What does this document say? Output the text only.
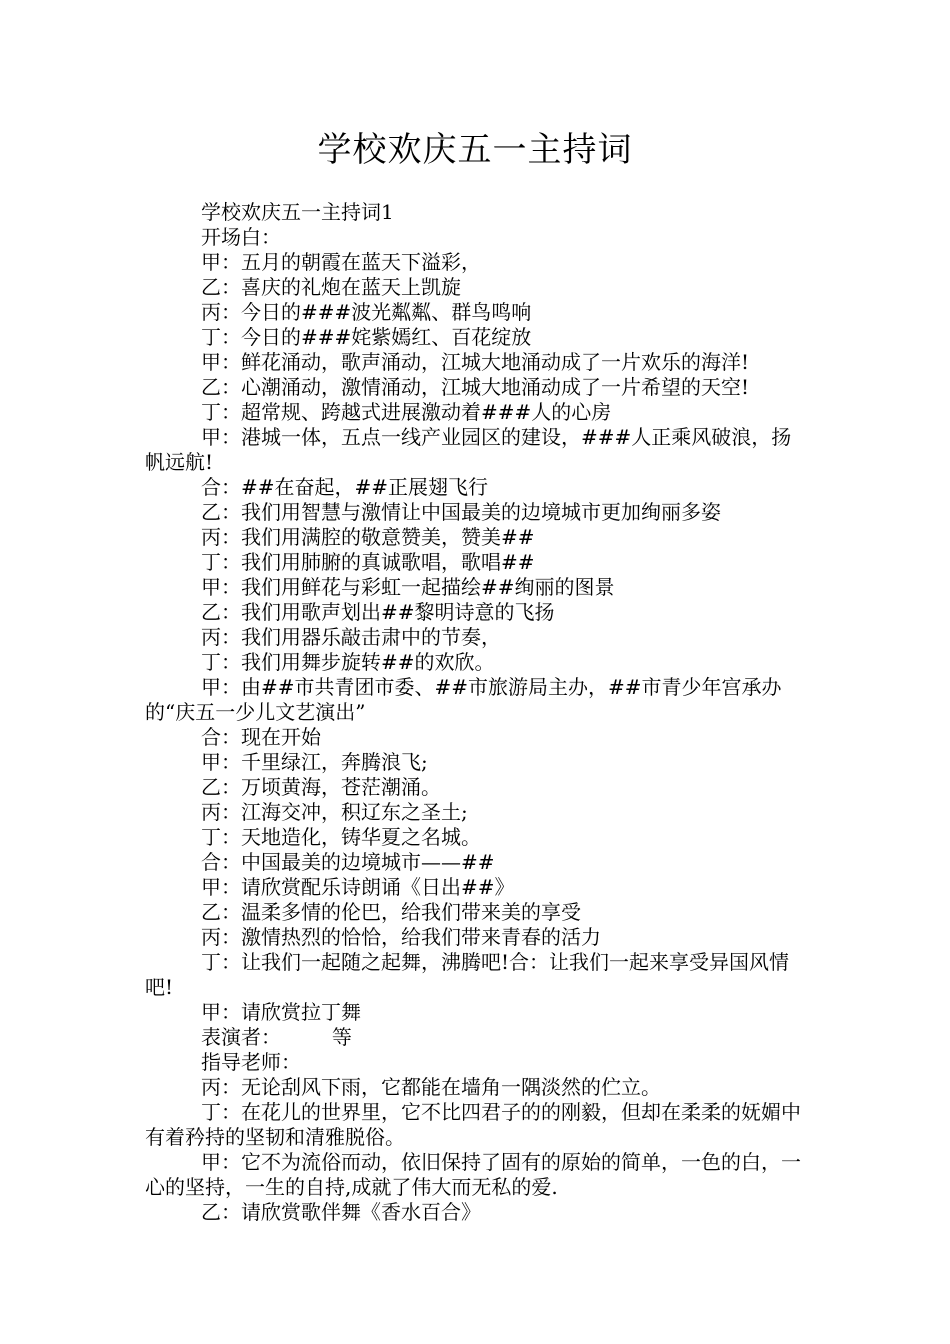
学校欢庆五一主持词

学校欢庆五一主持词1

开场白：

甲：五月的朝霞在蓝天下溢彩，

乙：喜庆的礼炮在蓝天上凯旋

丙：今日的###波光粼粼、群鸟鸣响

丁：今日的###姹紫嫣红、百花绽放

甲：鲜花涌动，歌声涌动，江城大地涌动成了一片欢乐的海洋!

乙：心潮涌动，激情涌动，江城大地涌动成了一片希望的天空!

丁：超常规、跨越式进展激动着###人的心房

甲：港城一体，五点一线产业园区的建设，###人正乘风破浪，扬帆远航!

合：##在奋起，##正展翅飞行

乙：我们用智慧与激情让中国最美的边境城市更加绚丽多姿

丙：我们用满腔的敬意赞美，赞美##

丁：我们用肺腑的真诚歌唱，歌唱##

甲：我们用鲜花与彩虹一起描绘##绚丽的图景

乙：我们用歌声划出##黎明诗意的飞扬

丙：我们用器乐敲击肃中的节奏，

丁：我们用舞步旋转##的欢欣。

甲：由##市共青团市委、##市旅游局主办，##市青少年宫承办的“庆五一少儿文艺演出”

合：现在开始

甲：千里绿江，奔腾浪飞;

乙：万顷黄海，苍茫潮涌。

丙：江海交冲，积辽东之圣土;

丁：天地造化，铸华夏之名城。

合：中国最美的边境城市——##

甲：请欣赏配乐诗朗诵《日出##》

乙：温柔多情的伦巴，给我们带来美的享受

丙：激情热烈的恰恰，给我们带来青春的活力

丁：让我们一起随之起舞，沸腾吧!合：让我们一起来享受异国风情吧!

甲：请欣赏拉丁舞

表演者：        等

指导老师：

丙：无论刮风下雨，它都能在墙角一隅淡然的伫立。

丁：在花儿的世界里，它不比四君子的的刚毅，但却在柔柔的妩媚中有着矜持的坚韧和清雅脱俗。

甲：它不为流俗而动，依旧保持了固有的原始的简单，一色的白，一心的坚持，一生的自持,成就了伟大而无私的爱.

乙：请欣赏歌伴舞《香水百合》
